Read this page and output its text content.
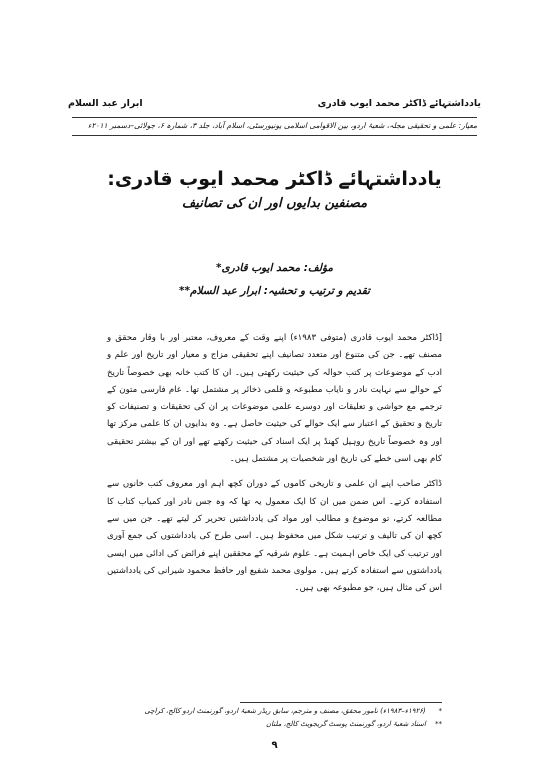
یادداشتہائے ڈاکٹر محمد ایوب قادری
ابرار عبد السلام
معیار: علمی و تحقیقی مجلہ، شعبۂ اردو، بین الاقوامی اسلامی یونیورسٹی، اسلام آباد، جلد ۳، شمارہ ۶، جولائی–دسمبر ۲۰۱۱ء
یادداشتہائے ڈاکٹر محمد ایوب قادری:
مصنفین بدایوں اور ان کی تصانیف
مؤلف: محمد ایوب قادری*
تقدیم و ترتیب و تحشیہ: ابرار عبد السلام**

[ڈاکٹر محمد ایوب قادری (متوفی ۱۹۸۳ء) اپنے وقت کے معروف، معتبر اور با وقار محقق و مصنف تھے۔ جن کی متنوع اور متعدد تصانیف اپنے تحقیقی مزاج و معیار اور تاریخ اور علم و ادب کے موضوعات پر کتب حوالہ کی حیثیت رکھتی ہیں۔ ان کا کتب خانہ بھی خصوصاً تاریخ کے حوالے سے نہایت نادر و نایاب مطبوعہ و قلمی ذخائر پر مشتمل تھا۔ عام فارسی متون کے ترجمے مع حواشی و تعلیقات اور دوسرے علمی موضوعات پر ان کی تحقیقات و تصنیفات کو تاریخ و تحقیق کے اعتبار سے ایک حوالے کی حیثیت حاصل ہے۔ وہ بدایوں ان کا علمی مرکز تھا اور وہ خصوصاً تاریخ روہیل کھنڈ پر ایک اسناد کی حیثیت رکھتے تھے اور ان کے بیشتر تحقیقی کام بھی اسی خطے کی تاریخ اور شخصیات پر مشتمل ہیں۔

ڈاکٹر صاحب اپنے ان علمی و تاریخی کاموں کے دوران کچھ اہم اور معروف کتب خانوں سے استفادہ کرتے۔ اس ضمن میں ان کا ایک معمول یہ تھا کہ وہ جس نادر اور کمیاب کتاب کا مطالعہ کرتے، تو موضوع و مطالب اور مواد کی یادداشتیں تحریر کر لیتے تھے۔ جن میں سے کچھ ان کی تالیف و ترتیب شکل میں محفوظ ہیں۔ اسی طرح کی یادداشتوں کی جمع آوری اور ترتیب کی ایک خاص اہمیت ہے۔ علوم شرقیہ کے محققین اپنے فرائض کی ادائی میں ایسی یادداشتوں سے استفادہ کرتے ہیں۔ مولوی محمد شفیع اور حافظ محمود شیرانی کی یادداشتیں اس کی مثال ہیں، جو مطبوعہ بھی ہیں۔

* (۱۹۲۶ء–۱۹۸۳ء) نامور محقق، مصنف و مترجم، سابق ریڈر شعبۂ اردو، گورنمنٹ اردو کالج، کراچی
** استاد شعبۂ اردو، گورنمنٹ پوسٹ گریجویٹ کالج، ملتان
۹
